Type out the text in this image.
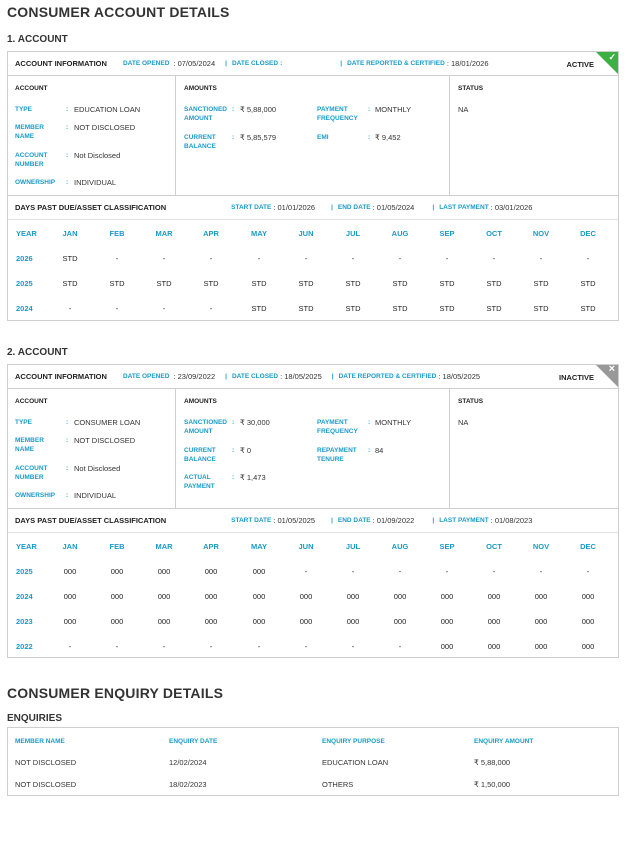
CONSUMER ACCOUNT DETAILS
1. ACCOUNT
ACCOUNT INFORMATION DATE OPENED : 07/05/2024 | DATE CLOSED :	| DATE REPORTED & CERTIFIED : 18/01/2026	ACTIVE
✓
ACCOUNT
TYPE	: EDUCATION LOAN
MEMBER
NAME
: NOT DISCLOSED
ACCOUNT
NUMBER
: Not Disclosed
OWNERSHIP : INDIVIDUAL
AMOUNTS
SANCTIONED
AMOUNT
: ₹ 5,88,000
CURRENT
BALANCE
: ₹ 5,85,579
PAYMENT
FREQUENCY
: MONTHLY
EMI	: ₹ 9,452
STATUS
NA
DAYS PAST DUE/ASSET CLASSIFICATION	START DATE : 01/01/2026 | END DATE : 01/05/2024	| LAST PAYMENT : 03/01/2026
YEAR	JAN	FEB	MAR	APR	MAY	JUN	JUL	AUG	SEP	OCT	NOV	DEC
2026	STD	-	-	-	-	-	-	-	-	-	-	-
2025	STD	STD	STD	STD	STD	STD	STD	STD	STD	STD	STD	STD
2024	-	-	-	-	STD	STD	STD	STD	STD	STD	STD	STD
2. ACCOUNT
ACCOUNT INFORMATION DATE OPENED : 23/09/2022 | DATE CLOSED : 18/05/2025 | DATE REPORTED & CERTIFIED : 18/05/2025	INACTIVE
×
ACCOUNT
TYPE	: CONSUMER LOAN
MEMBER
NAME
: NOT DISCLOSED
ACCOUNT
NUMBER
: Not Disclosed
OWNERSHIP : INDIVIDUAL
AMOUNTS
SANCTIONED
AMOUNT
: ₹ 30,000
CURRENT
BALANCE
: ₹ 0
ACTUAL
PAYMENT
: ₹ 1,473
PAYMENT
FREQUENCY
: MONTHLY
REPAYMENT
TENURE
: 84
STATUS
NA
DAYS PAST DUE/ASSET CLASSIFICATION	START DATE : 01/05/2025 | END DATE : 01/09/2022	| LAST PAYMENT : 01/08/2023
YEAR	JAN	FEB	MAR	APR	MAY	JUN	JUL	AUG	SEP	OCT	NOV	DEC
2025	000	000	000	000	000	-	-	-	-	-	-	-
2024	000	000	000	000	000	000	000	000	000	000	000	000
2023	000	000	000	000	000	000	000	000	000	000	000	000
2022	-	-	-	-	-	-	-	-	000	000	000	000
CONSUMER ENQUIRY DETAILS
ENQUIRIES
MEMBER NAME	ENQUIRY DATE	ENQUIRY PURPOSE	ENQUIRY AMOUNT
NOT DISCLOSED	12/02/2024	EDUCATION LOAN	₹ 5,88,000
NOT DISCLOSED	18/02/2023	OTHERS	₹ 1,50,000
